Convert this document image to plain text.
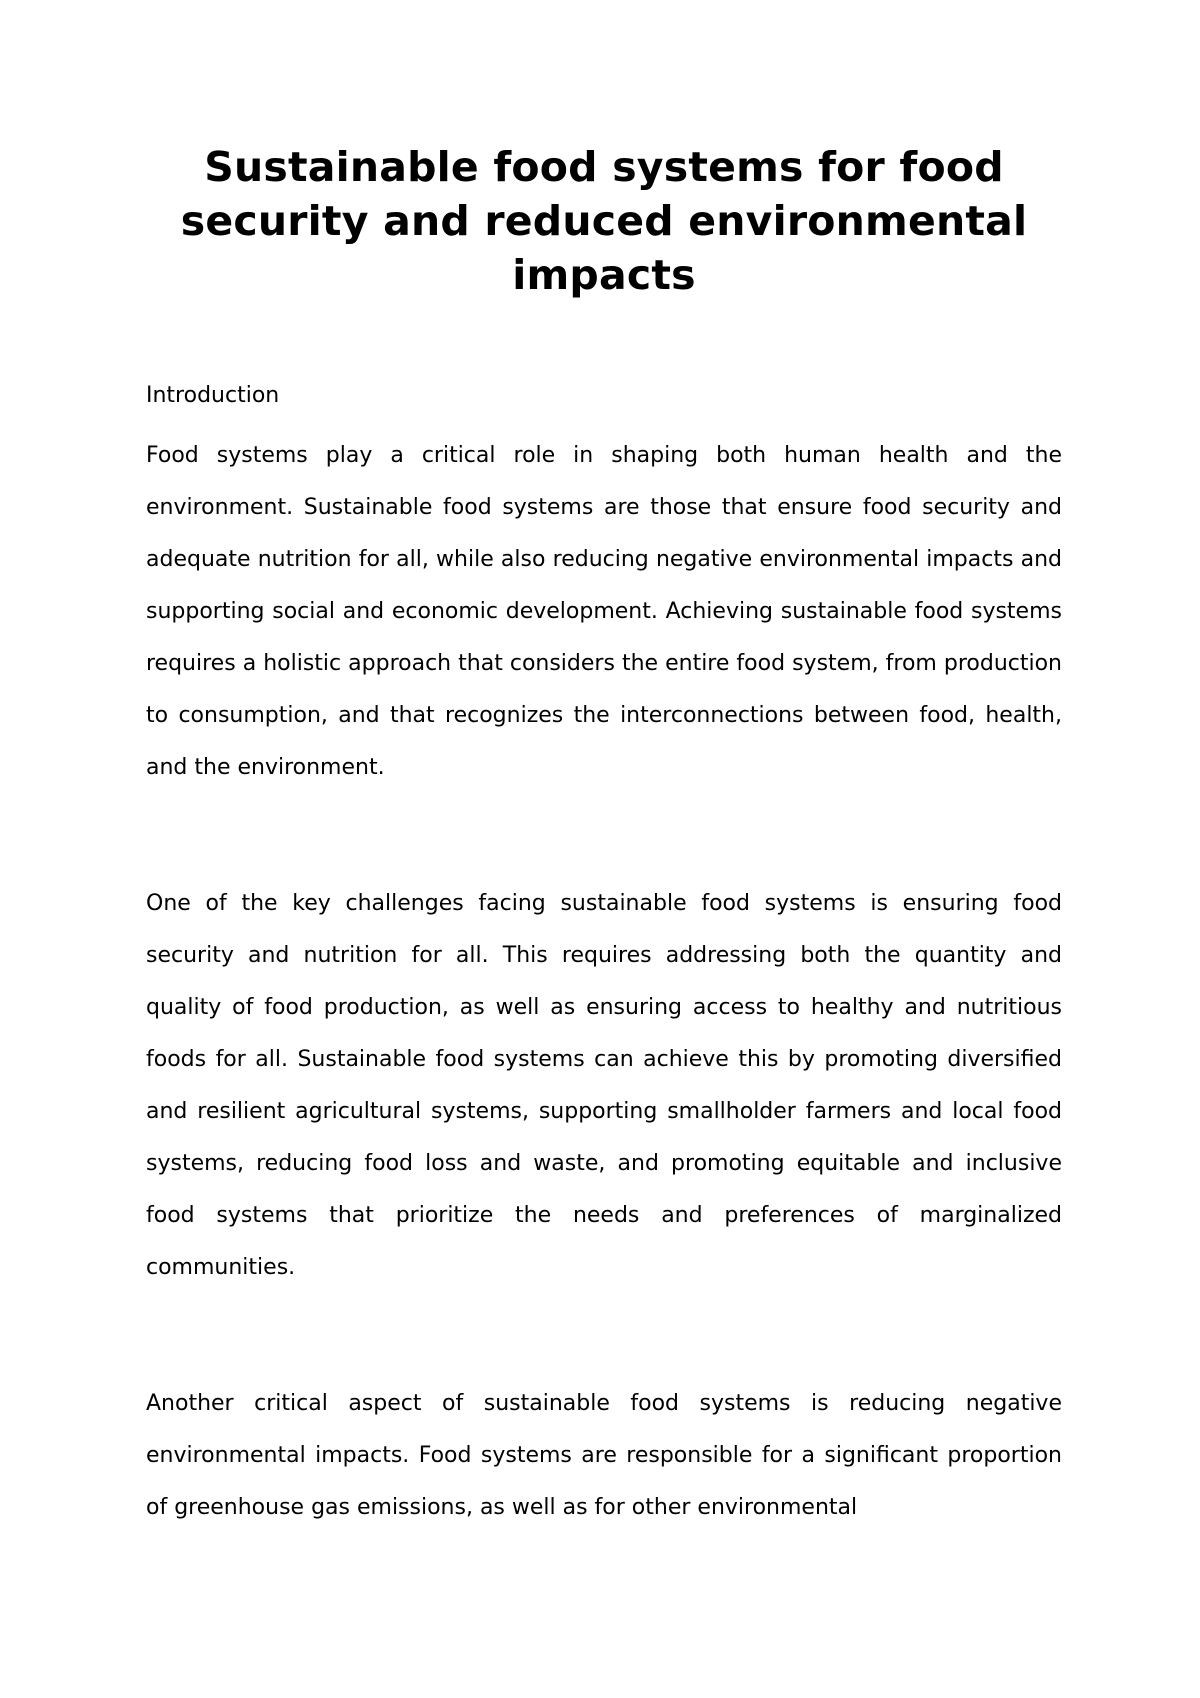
Sustainable food systems for food security and reduced environmental impacts

Introduction

Food systems play a critical role in shaping both human health and the environment. Sustainable food systems are those that ensure food security and adequate nutrition for all, while also reducing negative environmental impacts and supporting social and economic development. Achieving sustainable food systems requires a holistic approach that considers the entire food system, from production to consumption, and that recognizes the interconnections between food, health, and the environment.

One of the key challenges facing sustainable food systems is ensuring food security and nutrition for all. This requires addressing both the quantity and quality of food production, as well as ensuring access to healthy and nutritious foods for all. Sustainable food systems can achieve this by promoting diversified and resilient agricultural systems, supporting smallholder farmers and local food systems, reducing food loss and waste, and promoting equitable and inclusive food systems that prioritize the needs and preferences of marginalized communities.

Another critical aspect of sustainable food systems is reducing negative environmental impacts. Food systems are responsible for a significant proportion of greenhouse gas emissions, as well as for other environmental
